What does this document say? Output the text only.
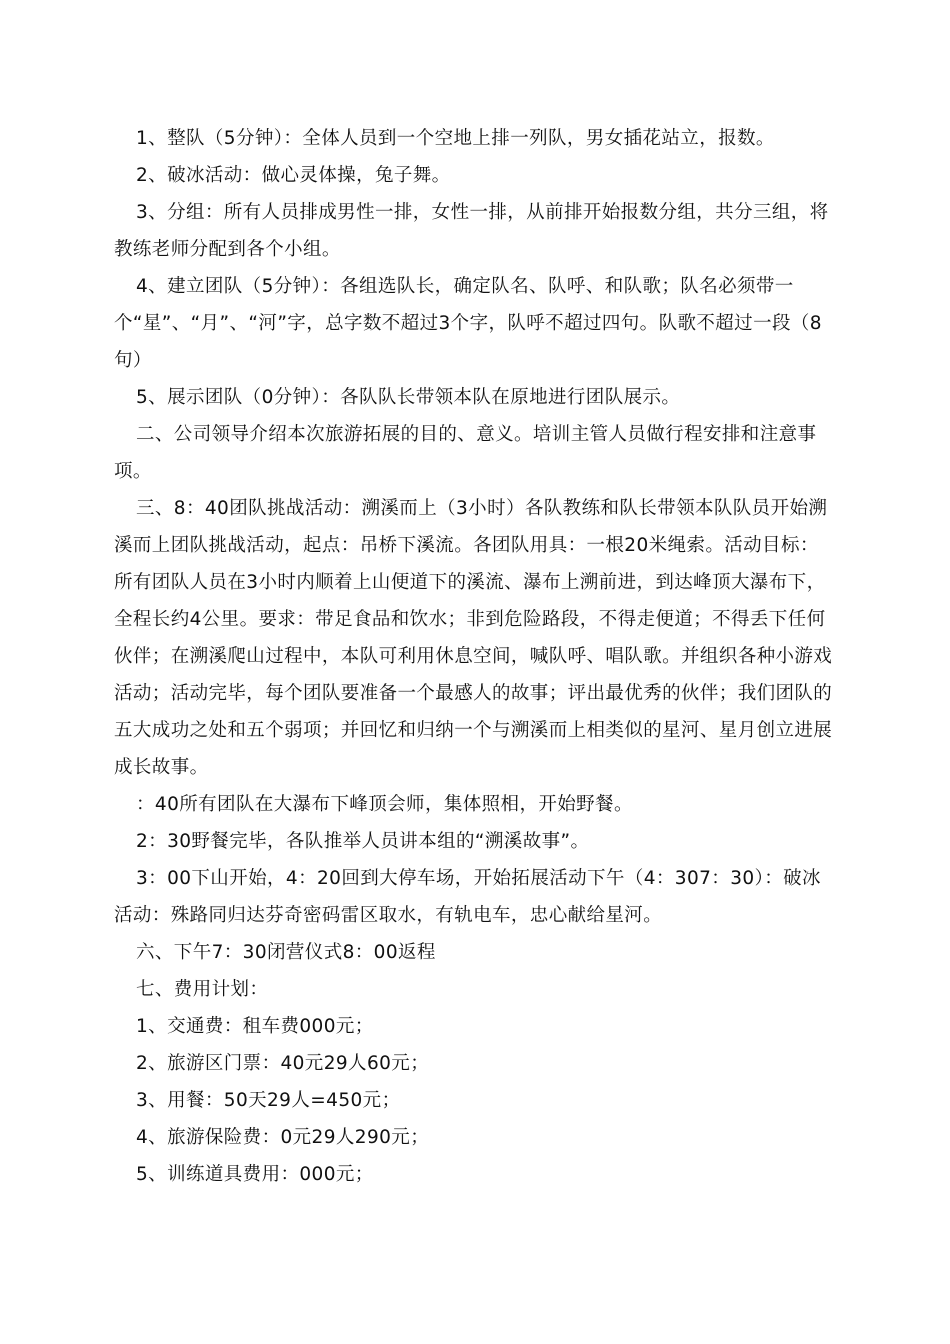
1、整队（5分钟）：全体人员到一个空地上排一列队，男女插花站立，报数。

2、破冰活动：做心灵体操，兔子舞。

3、分组：所有人员排成男性一排，女性一排，从前排开始报数分组，共分三组，将教练老师分配到各个小组。

4、建立团队（5分钟）：各组选队长，确定队名、队呼、和队歌；队名必须带一个“星”、“月”、“河”字，总字数不超过3个字，队呼不超过四句。队歌不超过一段（8句）

5、展示团队（0分钟）：各队队长带领本队在原地进行团队展示。

二、公司领导介绍本次旅游拓展的目的、意义。培训主管人员做行程安排和注意事项。

三、8：40团队挑战活动：溯溪而上（3小时）各队教练和队长带领本队队员开始溯溪而上团队挑战活动，起点：吊桥下溪流。各团队用具：一根20米绳索。活动目标：所有团队人员在3小时内顺着上山便道下的溪流、瀑布上溯前进，到达峰顶大瀑布下，全程长约4公里。要求：带足食品和饮水；非到危险路段，不得走便道；不得丢下任何伙伴；在溯溪爬山过程中，本队可利用休息空间，喊队呼、唱队歌。并组织各种小游戏活动；活动完毕，每个团队要准备一个最感人的故事；评出最优秀的伙伴；我们团队的五大成功之处和五个弱项；并回忆和归纳一个与溯溪而上相类似的星河、星月创立进展成长故事。

：40所有团队在大瀑布下峰顶会师，集体照相，开始野餐。

2：30野餐完毕，各队推举人员讲本组的“溯溪故事”。

3：00下山开始，4：20回到大停车场，开始拓展活动下午（4：307：30）：破冰活动：殊路同归达芬奇密码雷区取水，有轨电车，忠心献给星河。

六、下午7：30闭营仪式8：00返程

七、费用计划：

1、交通费：租车费000元；

2、旅游区门票：40元29人60元；

3、用餐：50天29人=450元；

4、旅游保险费：0元29人290元；

5、训练道具费用：000元；
